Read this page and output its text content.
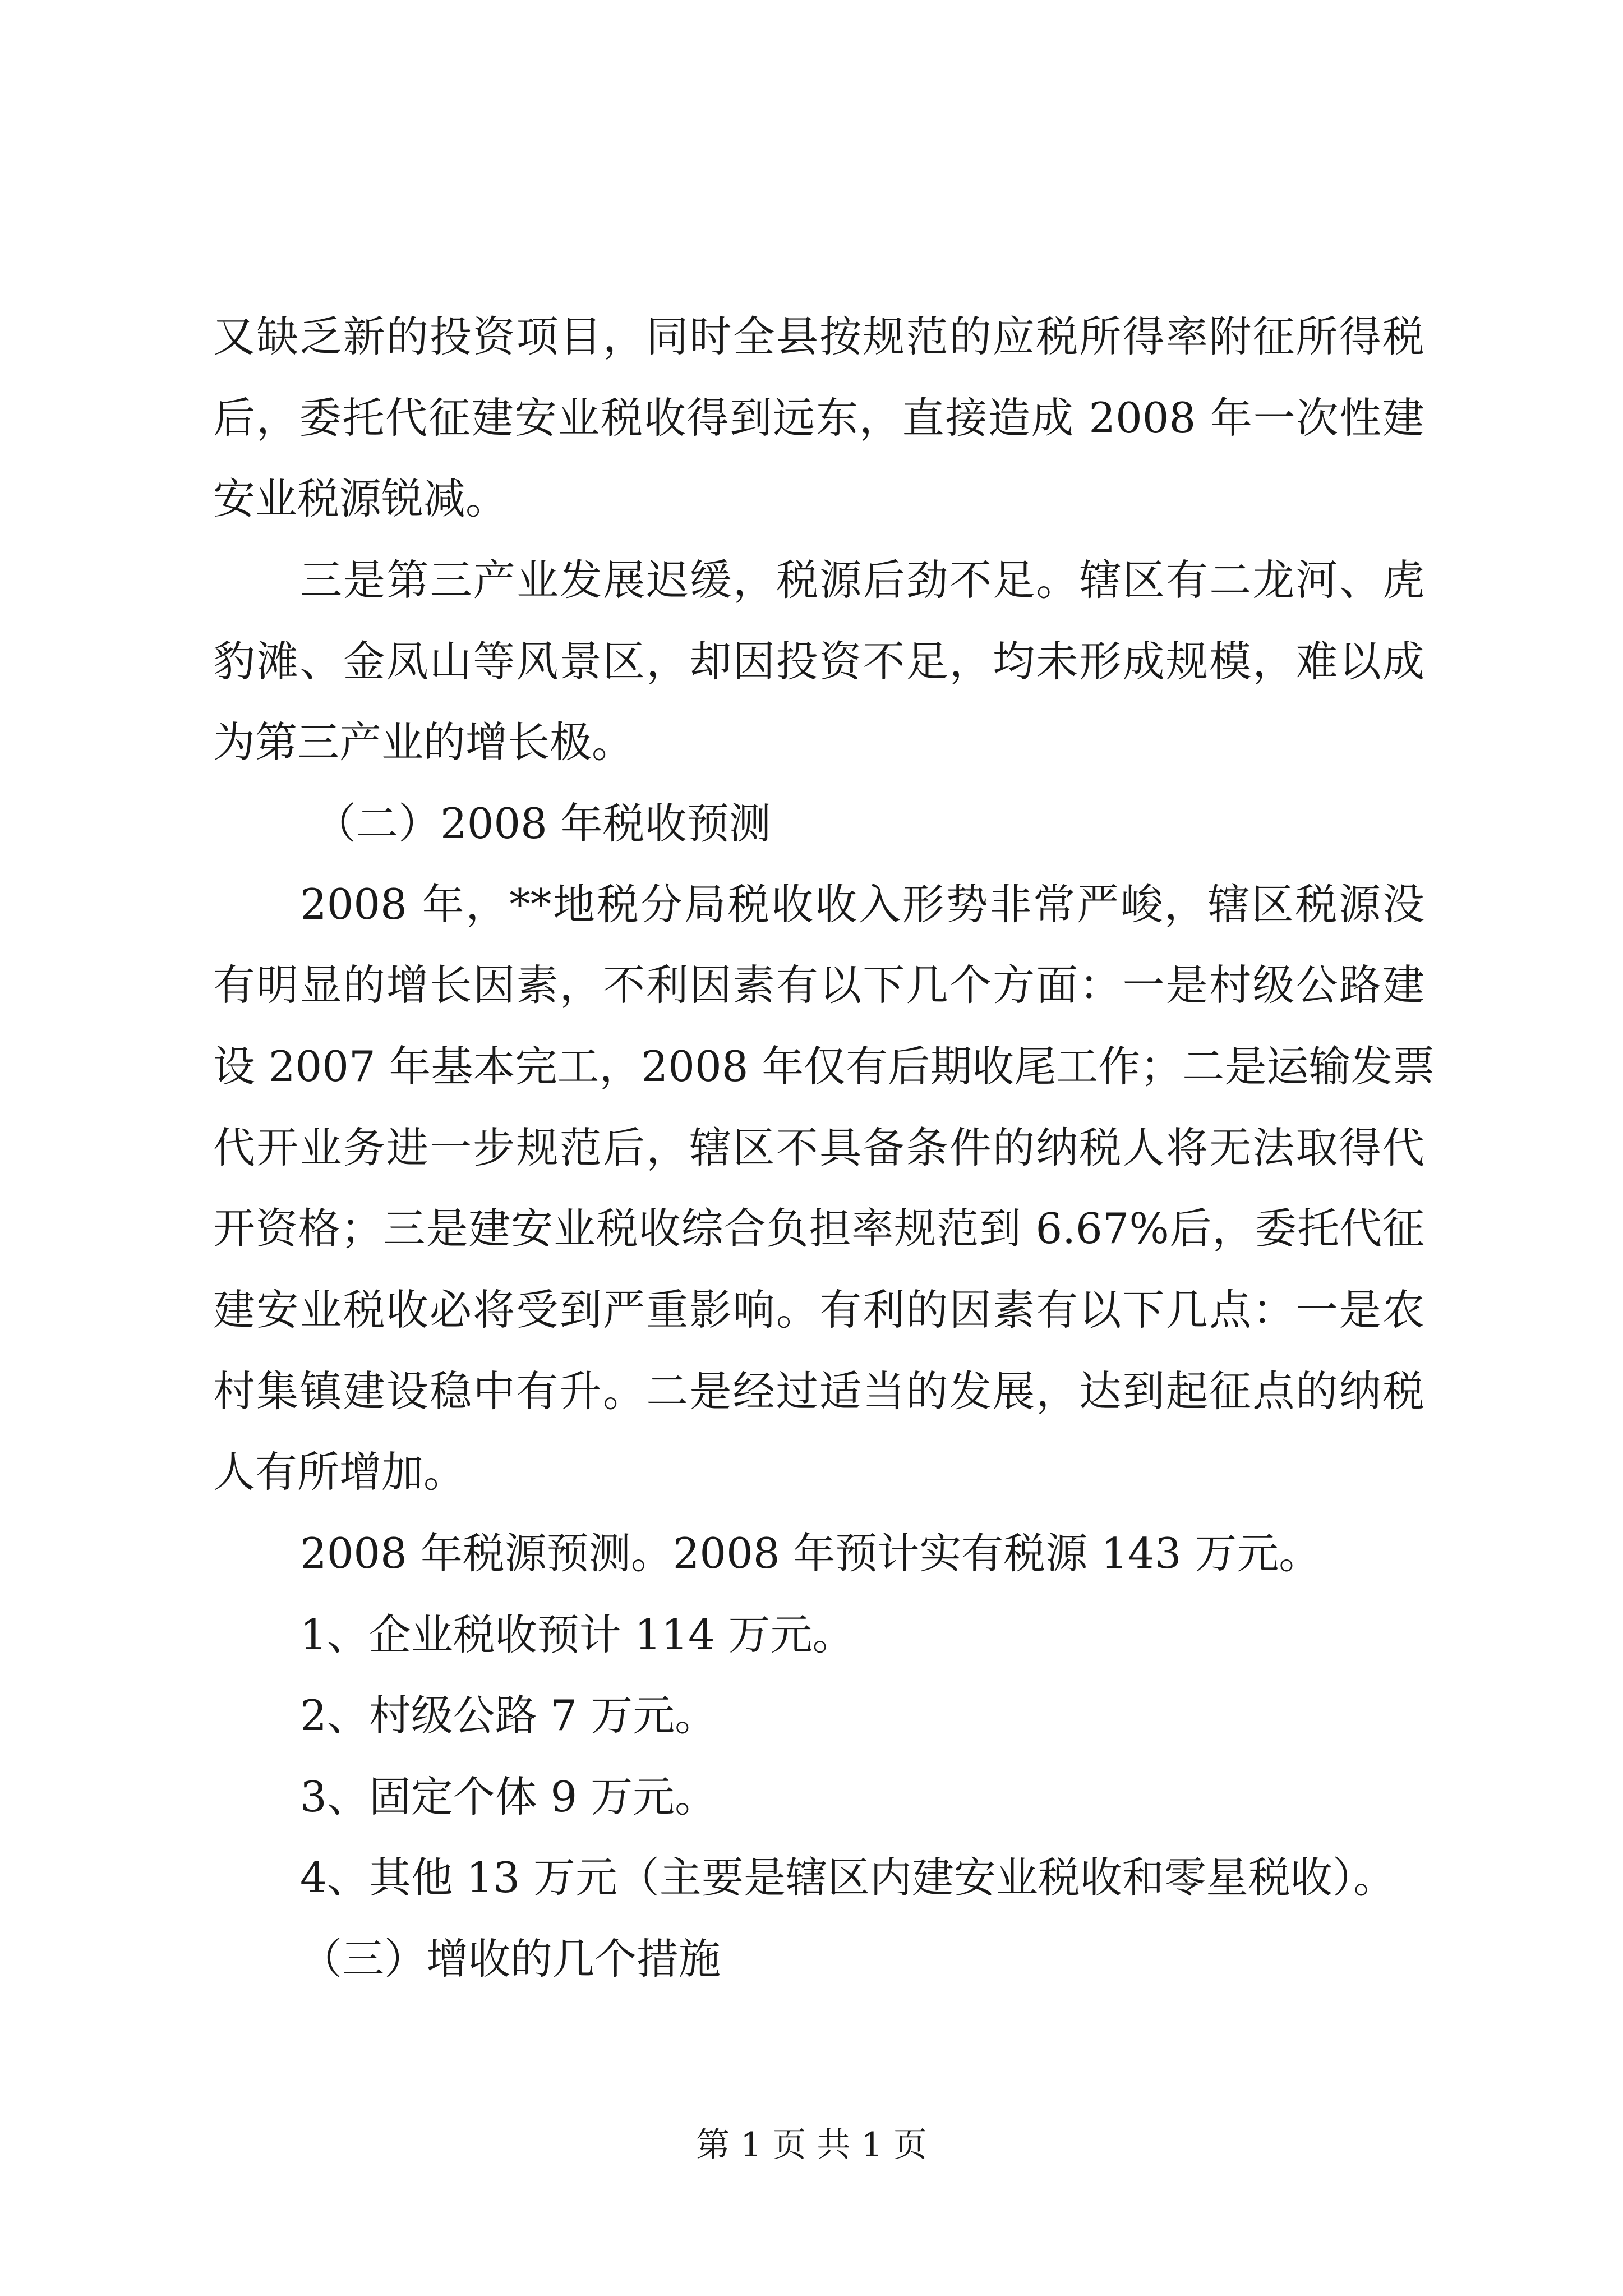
又缺乏新的投资项目，同时全县按规范的应税所得率附征所得税
后，委托代征建安业税收得到远东，直接造成 2008 年一次性建
安业税源锐减。
三是第三产业发展迟缓，税源后劲不足。辖区有二龙河、虎
豹滩、金凤山等风景区，却因投资不足，均未形成规模，难以成
为第三产业的增长极。
（二）2008 年税收预测
2008 年，**地税分局税收收入形势非常严峻，辖区税源没
有明显的增长因素，不利因素有以下几个方面：一是村级公路建
设 2007 年基本完工，2008 年仅有后期收尾工作；二是运输发票
代开业务进一步规范后，辖区不具备条件的纳税人将无法取得代
开资格；三是建安业税收综合负担率规范到 6.67%后，委托代征
建安业税收必将受到严重影响。有利的因素有以下几点：一是农
村集镇建设稳中有升。二是经过适当的发展，达到起征点的纳税
人有所增加。
2008 年税源预测。2008 年预计实有税源 143 万元。
1、企业税收预计 114 万元。
2、村级公路 7 万元。
3、固定个体 9 万元。
4、其他 13 万元（主要是辖区内建安业税收和零星税收）。
（三）增收的几个措施
第 1 页 共 1 页
